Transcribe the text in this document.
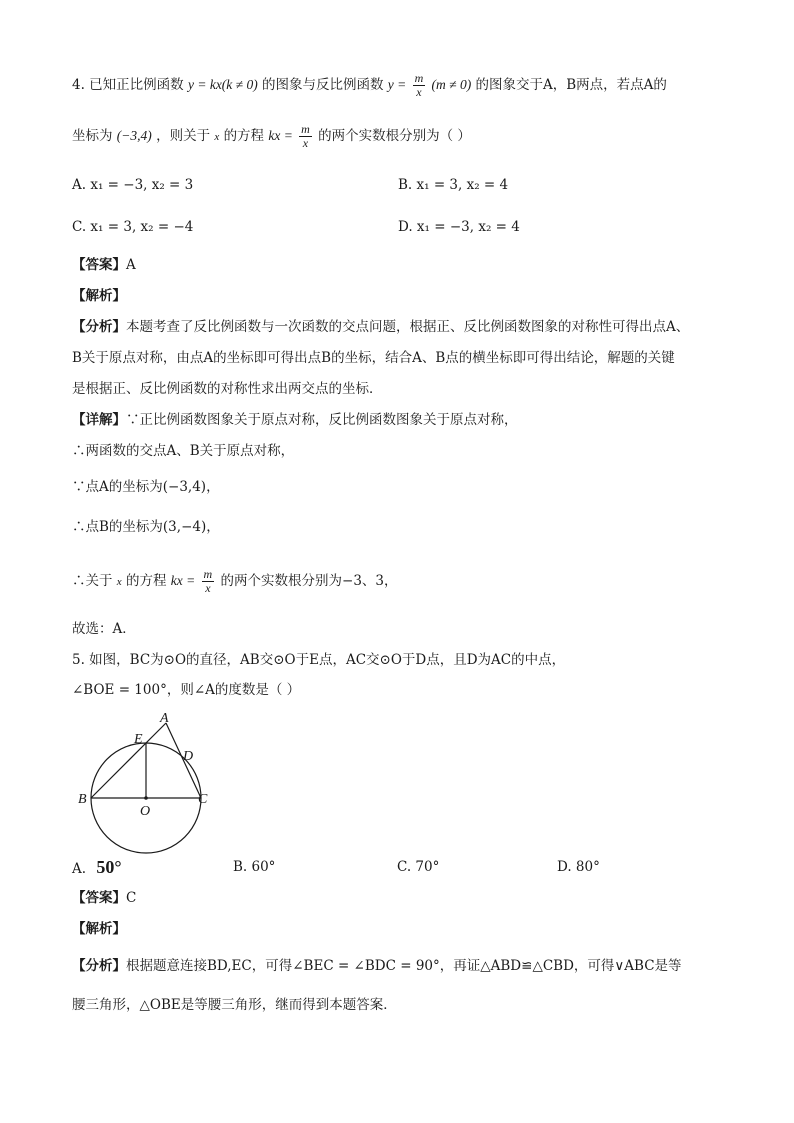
4. 已知正比例函数 y = kx(k ≠ 0) 的图象与反比例函数 $y = \frac{m}{x} (m \ne 0)$ 的图象交于A，B两点，若点A的
坐标为 (−3,4) ，则关于 x 的方程 kx = $\frac{m}{x}$ 的两个实数根分别为（ ）
A. x₁ = −3, x₂ = 3	B. x₁ = 3, x₂ = 4
C. x₁ = 3, x₂ = −4	D. x₁ = −3, x₂ = 4
【答案】A
【解析】
【分析】本题考查了反比例函数与一次函数的交点问题，根据正、反比例函数图象的对称性可得出点A、
B关于原点对称，由点A的坐标即可得出点B的坐标，结合A、B点的横坐标即可得出结论，解题的关键
是根据正、反比例函数的对称性求出两交点的坐标．
【详解】∵正比例函数图象关于原点对称，反比例函数图象关于原点对称，
∴两函数的交点A、B关于原点对称，
∵点A的坐标为(−3,4)，
∴点B的坐标为(3,−4)，
∴关于 x 的方程 kx = $\frac{m}{x}$ 的两个实数根分别为−3、3，
故选：A．
5. 如图，BC为⊙O的直径，AB交⊙O于E点，AC交⊙O于D点，且D为AC的中点，
∠BOE = 100°，则∠A的度数是（ ）
A
E
D
B
O
C
A. 50°	B. 60°	C. 70°	D. 80°
【答案】C
【解析】
【分析】根据题意连接BD,EC，可得∠BEC = ∠BDC = 90°，再证△ABD≌△CBD，可得∨ABC是等
腰三角形，△OBE是等腰三角形，继而得到本题答案．
